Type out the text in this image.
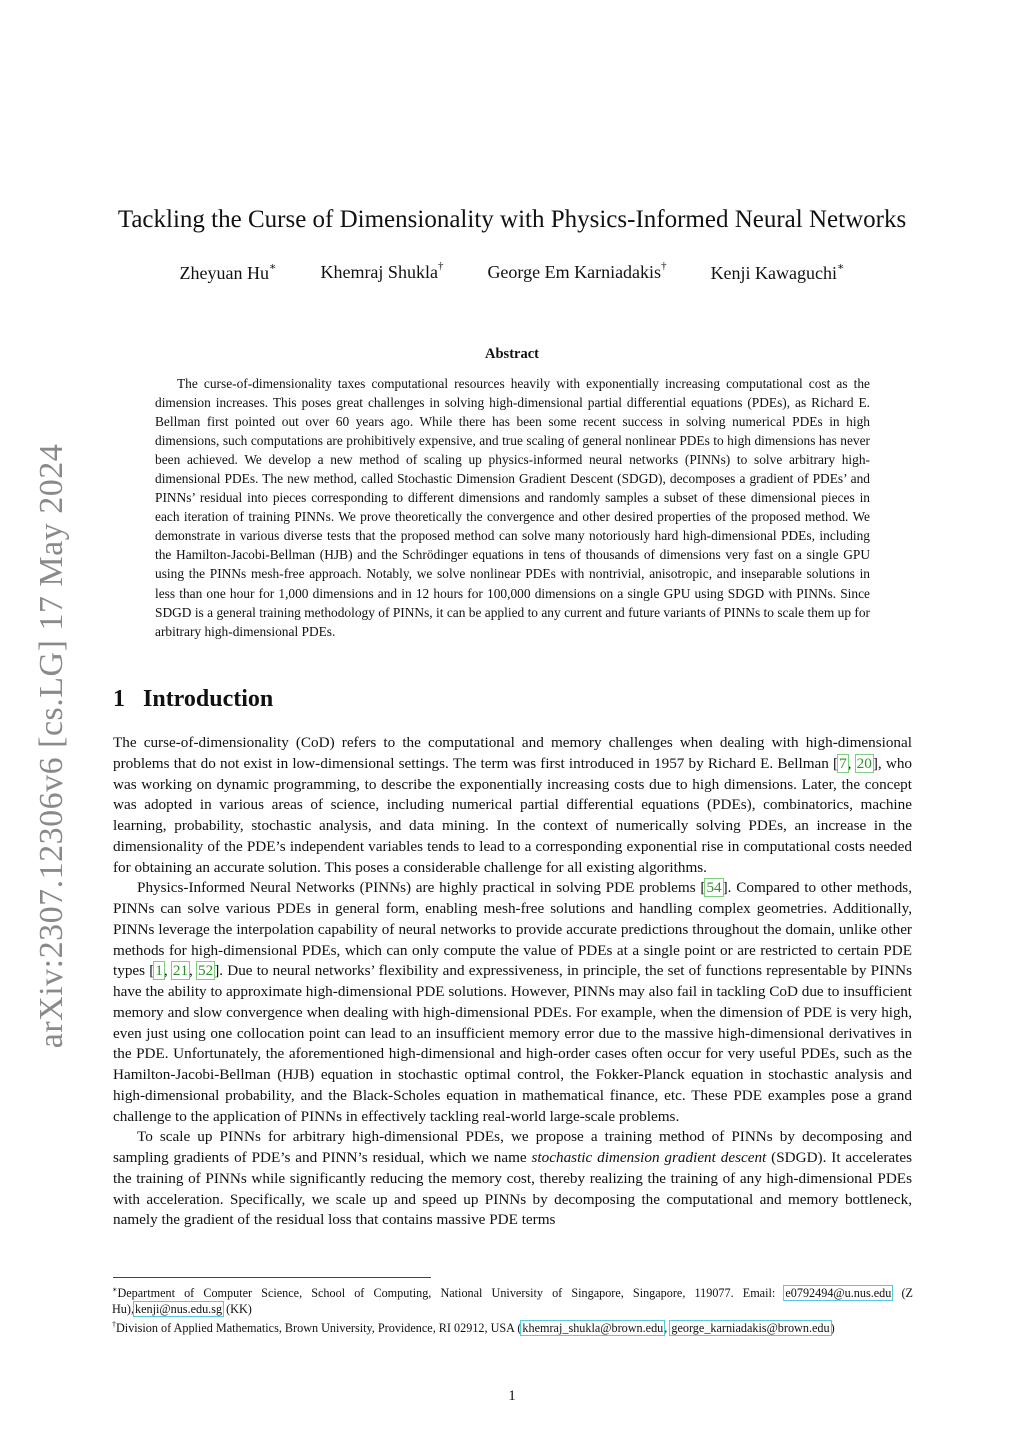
arXiv:2307.12306v6 [cs.LG] 17 May 2024
Tackling the Curse of Dimensionality with Physics-Informed Neural Networks
Zheyuan Hu∗ Khemraj Shukla† George Em Karniadakis† Kenji Kawaguchi∗
Abstract

The curse-of-dimensionality taxes computational resources heavily with exponentially increasing computational cost as the dimension increases. This poses great challenges in solving high-dimensional partial differential equations (PDEs), as Richard E. Bellman first pointed out over 60 years ago. While there has been some recent success in solving numerical PDEs in high dimensions, such computations are prohibitively expensive, and true scaling of general nonlinear PDEs to high dimensions has never been achieved. We develop a new method of scaling up physics-informed neural networks (PINNs) to solve arbitrary high-dimensional PDEs. The new method, called Stochastic Dimension Gradient Descent (SDGD), decomposes a gradient of PDEs’ and PINNs’ residual into pieces corresponding to different dimensions and randomly samples a subset of these dimensional pieces in each iteration of training PINNs. We prove theoretically the convergence and other desired properties of the proposed method. We demonstrate in various diverse tests that the proposed method can solve many notoriously hard high-dimensional PDEs, including the Hamilton-Jacobi-Bellman (HJB) and the Schrödinger equations in tens of thousands of dimensions very fast on a single GPU using the PINNs mesh-free approach. Notably, we solve nonlinear PDEs with nontrivial, anisotropic, and inseparable solutions in less than one hour for 1,000 dimensions and in 12 hours for 100,000 dimensions on a single GPU using SDGD with PINNs. Since SDGD is a general training methodology of PINNs, it can be applied to any current and future variants of PINNs to scale them up for arbitrary high-dimensional PDEs.

1 Introduction

The curse-of-dimensionality (CoD) refers to the computational and memory challenges when dealing with high-dimensional problems that do not exist in low-dimensional settings. The term was first introduced in 1957 by Richard E. Bellman [7, 20], who was working on dynamic programming, to describe the exponentially increasing costs due to high dimensions. Later, the concept was adopted in various areas of science, including numerical partial differential equations (PDEs), combinatorics, machine learning, probability, stochastic analysis, and data mining. In the context of numerically solving PDEs, an increase in the dimensionality of the PDE’s independent variables tends to lead to a corresponding exponential rise in computational costs needed for obtaining an accurate solution. This poses a considerable challenge for all existing algorithms.

Physics-Informed Neural Networks (PINNs) are highly practical in solving PDE problems [54]. Compared to other methods, PINNs can solve various PDEs in general form, enabling mesh-free solutions and handling complex geometries. Additionally, PINNs leverage the interpolation capability of neural networks to provide accurate predictions throughout the domain, unlike other methods for high-dimensional PDEs, which can only compute the value of PDEs at a single point or are restricted to certain PDE types [1, 21, 52]. Due to neural networks’ flexibility and expressiveness, in principle, the set of functions representable by PINNs have the ability to approximate high-dimensional PDE solutions. However, PINNs may also fail in tackling CoD due to insufficient memory and slow convergence when dealing with high-dimensional PDEs. For example, when the dimension of PDE is very high, even just using one collocation point can lead to an insufficient memory error due to the massive high-dimensional derivatives in the PDE. Unfortunately, the aforementioned high-dimensional and high-order cases often occur for very useful PDEs, such as the Hamilton-Jacobi-Bellman (HJB) equation in stochastic optimal control, the Fokker-Planck equation in stochastic analysis and high-dimensional probability, and the Black-Scholes equation in mathematical finance, etc. These PDE examples pose a grand challenge to the application of PINNs in effectively tackling real-world large-scale problems.

To scale up PINNs for arbitrary high-dimensional PDEs, we propose a training method of PINNs by decomposing and sampling gradients of PDE’s and PINN’s residual, which we name stochastic dimension gradient descent (SDGD). It accelerates the training of PINNs while significantly reducing the memory cost, thereby realizing the training of any high-dimensional PDEs with acceleration. Specifically, we scale up and speed up PINNs by decomposing the computational and memory bottleneck, namely the gradient of the residual loss that contains massive PDE terms

∗Department of Computer Science, School of Computing, National University of Singapore, Singapore, 119077. Email: e0792494@u.nus.edu (Z Hu),kenji@nus.edu.sg (KK)

†Division of Applied Mathematics, Brown University, Providence, RI 02912, USA (khemraj_shukla@brown.edu, george_karniadakis@brown.edu)

1
